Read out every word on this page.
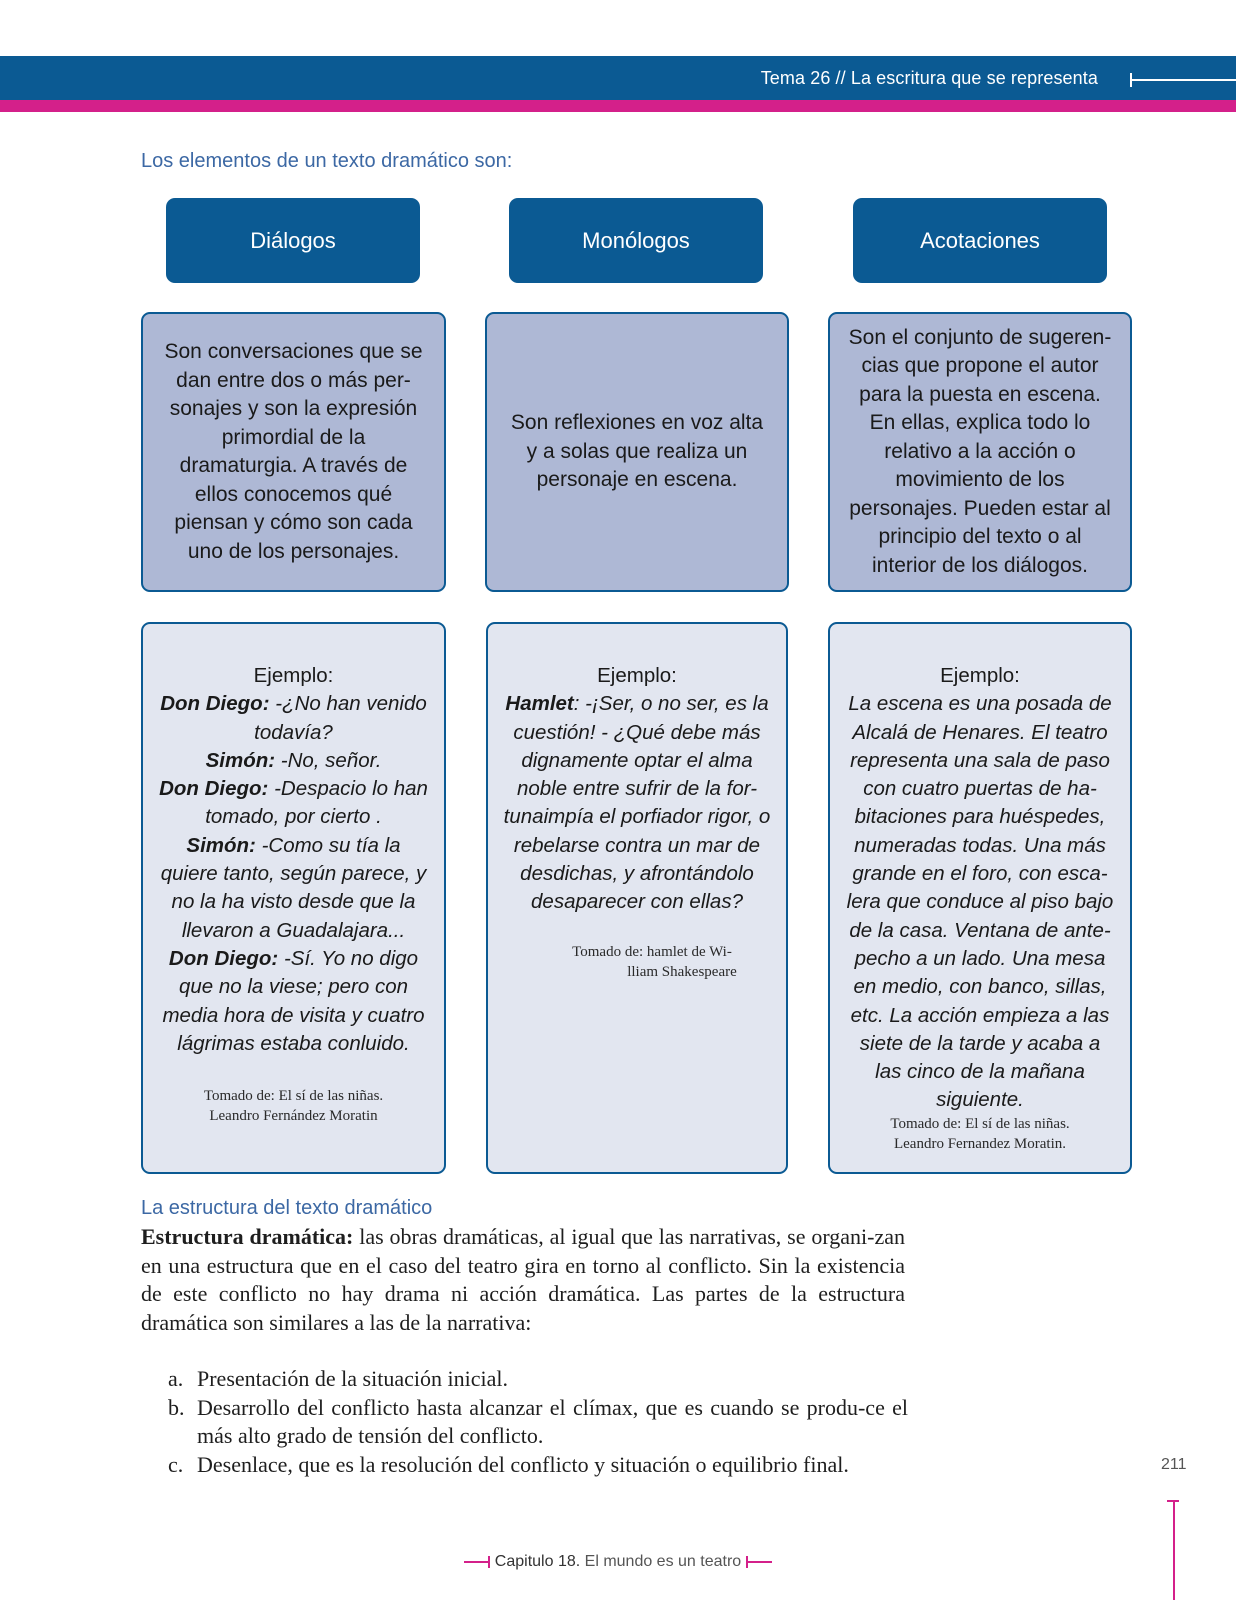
Tema 26 // La escritura que se representa
Los elementos de un texto dramático son:
Diálogos	Monólogos	Acotaciones
Son conversaciones que se dan entre dos o más per-sonajes y son la expresión primordial de la dramaturgia. A través de ellos conocemos qué piensan y cómo son cada uno de los personajes.
Son reflexiones en voz alta y a solas que realiza un personaje en escena.
Son el conjunto de sugeren-cias que propone el autor para la puesta en escena. En ellas, explica todo lo relativo a la acción o movimiento de los personajes. Pueden estar al principio del texto o al interior de los diálogos.
Ejemplo:
Don Diego: -¿No han venido todavía?
Simón: -No, señor.
Don Diego: -Despacio lo han tomado, por cierto .
Simón: -Como su tía la quiere tanto, según parece, y no la ha visto desde que la llevaron a Guadalajara...
Don Diego: -Sí. Yo no digo que no la viese; pero con media hora de visita y cuatro lágrimas estaba conluido.
Tomado de: El sí de las niñas.
Leandro Fernández Moratin
Ejemplo:
Hamlet: -¡Ser, o no ser, es la cuestión! - ¿Qué debe más dignamente optar el alma noble entre sufrir de la for-tunaimpía el porfiador rigor, o rebelarse contra un mar de desdichas, y afrontándolo desaparecer con ellas?
Tomado de: hamlet de Wi-
lliam Shakespeare
Ejemplo:
La escena es una posada de Alcalá de Henares. El teatro representa una sala de paso con cuatro puertas de ha-bitaciones para huéspedes, numeradas todas. Una más grande en el foro, con esca-lera que conduce al piso bajo de la casa. Ventana de ante-pecho a un lado. Una mesa en medio, con banco, sillas, etc. La acción empieza a las siete de la tarde y acaba a las cinco de la mañana siguiente.
Tomado de: El sí de las niñas.
Leandro Fernandez Moratin.
La estructura del texto dramático
Estructura dramática: las obras dramáticas, al igual que las narrativas, se organi-zan en una estructura que en el caso del teatro gira en torno al conflicto. Sin la existencia de este conflicto no hay drama ni acción dramática. Las partes de la estructura dramática son similares a las de la narrativa:
a. Presentación de la situación inicial.
b. Desarrollo del conflicto hasta alcanzar el clímax, que es cuando se produ-ce el más alto grado de tensión del conflicto.
c. Desenlace, que es la resolución del conflicto y situación o equilibrio final.	211
Capitulo 18. El mundo es un teatro
